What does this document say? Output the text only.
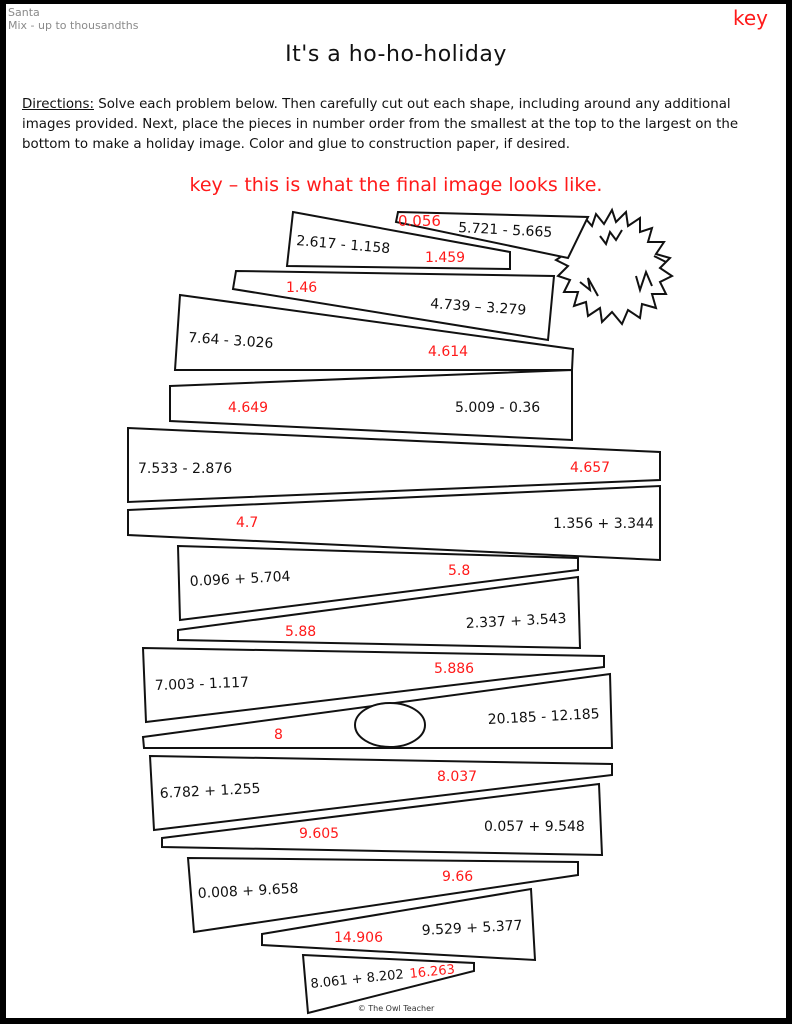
Santa
Mix - up to thousandths	key
It's a ho-ho-holiday
Directions: Solve each problem below. Then carefully cut out each shape, including around any additional images provided. Next, place the pieces in number order from the smallest at the top to the largest on the bottom to make a holiday image. Color and glue to construction paper, if desired.
key – this is what the final image looks like.
0.056 5.721 - 5.665
2.617 - 1.158
1.459
1.46
4.739 – 3.279
7.64 - 3.026
4.614
4.649	5.009 - 0.36
7.533 - 2.876	4.657
4.7	1.356 + 3.344
0.096 + 5.704	5.8
5.88
2.337 + 3.543
7.003 - 1.117
5.886
8
20.185 - 12.185
6.782 + 1.255
8.037
9.605	0.057 + 9.548
0.008 + 9.658
9.66
14.906	9.529 + 5.377
8.061 + 8.202 16.263
© The Owl Teacher
